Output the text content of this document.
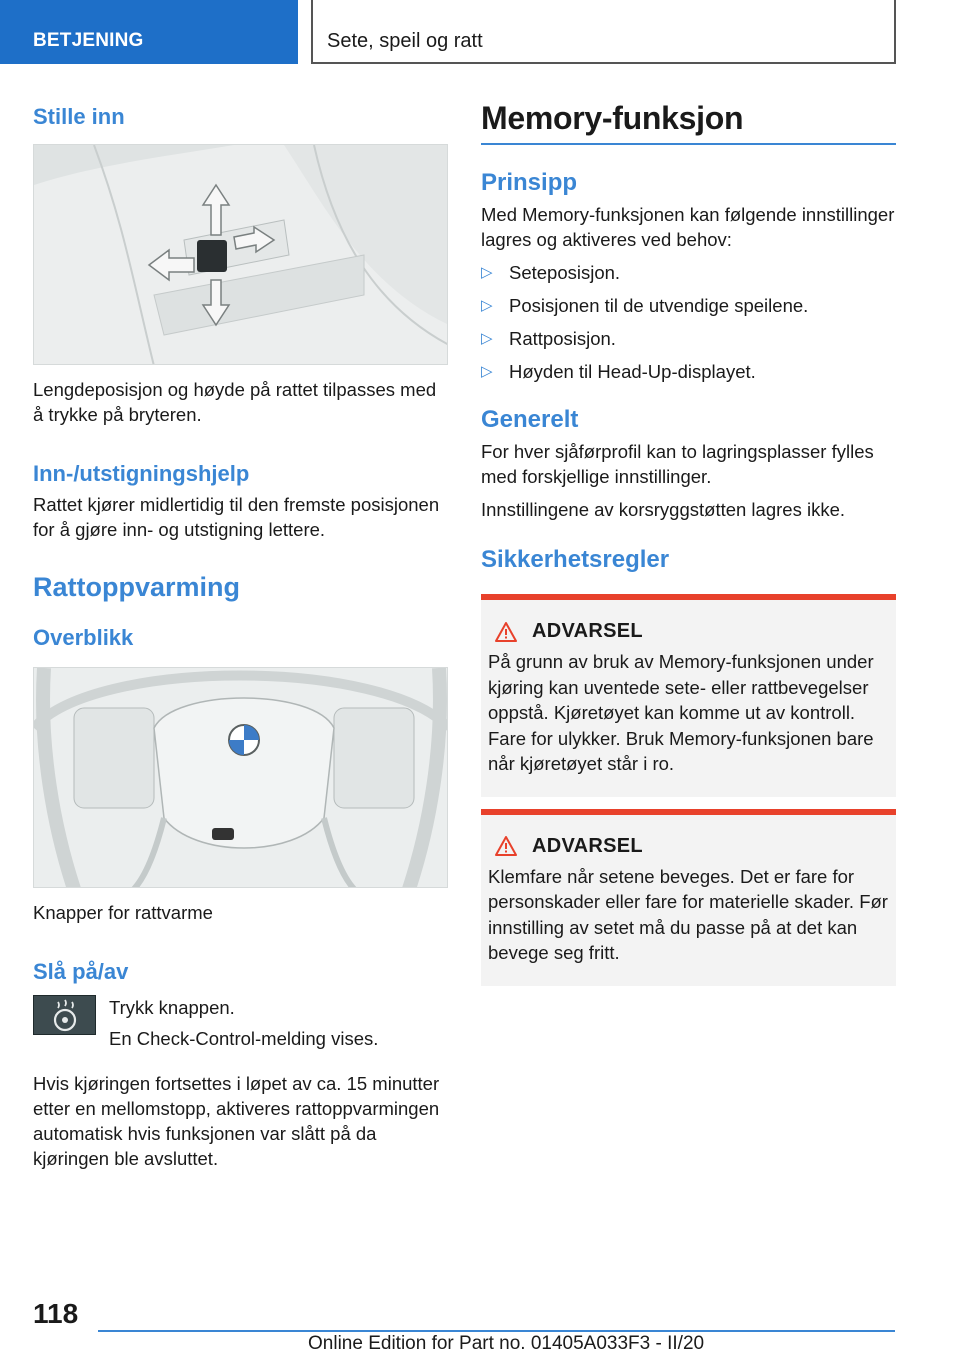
BETJENING	Sete, speil og ratt
Stille inn

Lengdeposisjon og høyde på rattet tilpasses med å trykke på bryteren.

Inn-/utstigningshjelp

Rattet kjører midlertidig til den fremste posisjonen for å gjøre inn- og utstigning lettere.

Rattoppvarming
Overblikk

Knapper for rattvarme

Slå på/av

Trykk knappen.

En Check-Control-melding vises.

Hvis kjøringen fortsettes i løpet av ca. 15 minutter etter en mellomstopp, aktiveres rattoppvarmingen automatisk hvis funksjonen var slått på da kjøringen ble avsluttet.

Memory-funksjon
Prinsipp

Med Memory-funksjonen kan følgende innstillinger lagres og aktiveres ved behov:

▷ Seteposisjon.
▷ Posisjonen til de utvendige speilene.
▷ Rattposisjon.
▷ Høyden til Head-Up-displayet.
Generelt

For hver sjåførprofil kan to lagringsplasser fylles med forskjellige innstillinger.

Innstillingene av korsryggstøtten lagres ikke.

Sikkerhetsregler
ADVARSEL

På grunn av bruk av Memory-funksjonen under kjøring kan uventede sete- eller rattbevegelser oppstå. Kjøretøyet kan komme ut av kontroll. Fare for ulykker. Bruk Memory-funksjonen bare når kjøretøyet står i ro.

ADVARSEL

Klemfare når setene beveges. Det er fare for personskader eller fare for materielle skader. Før innstilling av setet må du passe på at det kan bevege seg fritt.

118
Online Edition for Part no. 01405A033F3 - II/20
